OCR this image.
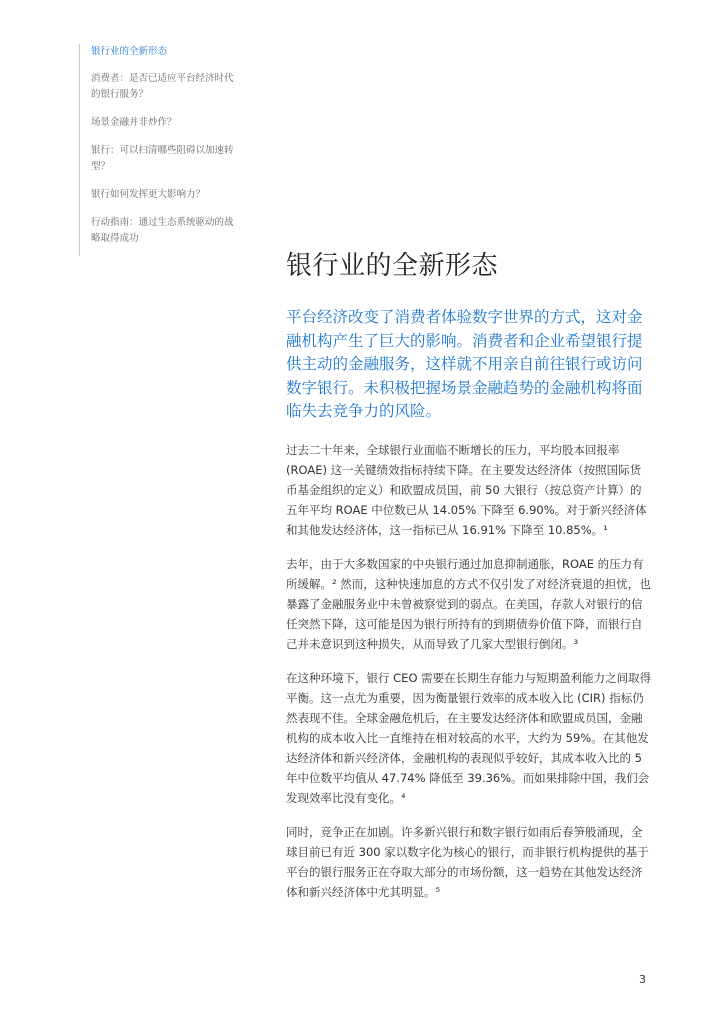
银行业的全新形态
消费者：是否已适应平台经济时代的银行服务？
场景金融并非炒作？
银行：可以扫清哪些阻碍以加速转型？
银行如何发挥更大影响力？
行动指南：通过生态系统驱动的战略取得成功
银行业的全新形态

平台经济改变了消费者体验数字世界的方式，这对金融机构产生了巨大的影响。消费者和企业希望银行提供主动的金融服务，这样就不用亲自前往银行或访问数字银行。未积极把握场景金融趋势的金融机构将面临失去竞争力的风险。

过去二十年来，全球银行业面临不断增长的压力，平均股本回报率 (ROAE) 这一关键绩效指标持续下降。在主要发达经济体（按照国际货币基金组织的定义）和欧盟成员国，前 50 大银行（按总资产计算）的五年平均 ROAE 中位数已从 14.05% 下降至 6.90%。对于新兴经济体和其他发达经济体，这一指标已从 16.91% 下降至 10.85%。¹

去年，由于大多数国家的中央银行通过加息抑制通胀，ROAE 的压力有所缓解。² 然而，这种快速加息的方式不仅引发了对经济衰退的担忧，也暴露了金融服务业中未曾被察觉到的弱点。在美国，存款人对银行的信任突然下降，这可能是因为银行所持有的到期债券价值下降，而银行自己并未意识到这种损失，从而导致了几家大型银行倒闭。³

在这种环境下，银行 CEO 需要在长期生存能力与短期盈利能力之间取得平衡。这一点尤为重要，因为衡量银行效率的成本收入比 (CIR) 指标仍然表现不佳。全球金融危机后，在主要发达经济体和欧盟成员国，金融机构的成本收入比一直维持在相对较高的水平，大约为 59%。在其他发达经济体和新兴经济体，金融机构的表现似乎较好，其成本收入比的 5 年中位数平均值从 47.74% 降低至 39.36%。而如果排除中国，我们会发现效率比没有变化。⁴

同时，竞争正在加剧。许多新兴银行和数字银行如雨后春笋般涌现，全球目前已有近 300 家以数字化为核心的银行，而非银行机构提供的基于平台的银行服务正在夺取大部分的市场份额，这一趋势在其他发达经济体和新兴经济体中尤其明显。⁵

3
